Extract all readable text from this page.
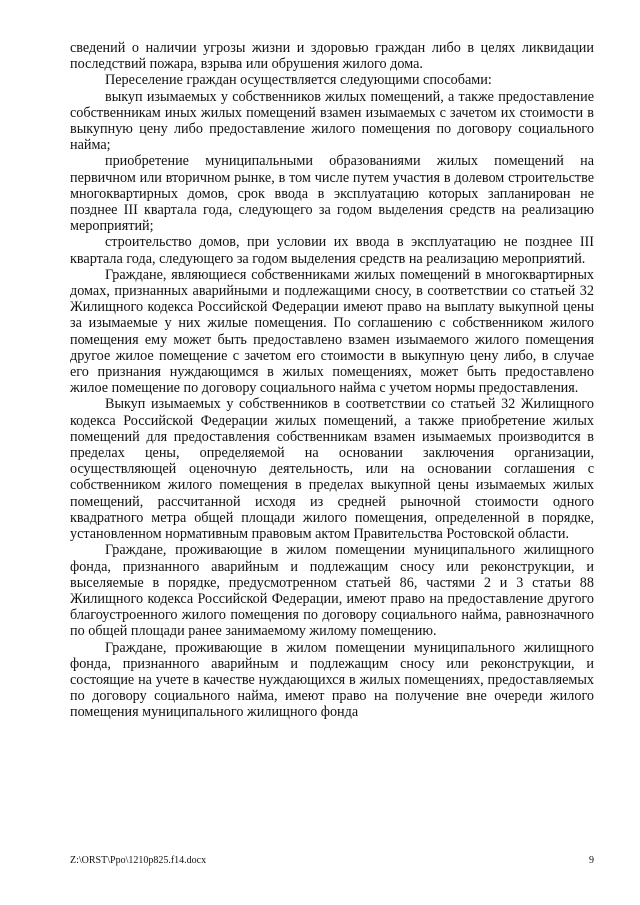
сведений о наличии угрозы жизни и здоровью граждан либо в целях ликвидации последствий пожара, взрыва или обрушения жилого дома.

Переселение граждан осуществляется следующими способами:

выкуп изымаемых у собственников жилых помещений, а также предоставление собственникам иных жилых помещений взамен изымаемых с зачетом их стоимости в выкупную цену либо предоставление жилого помещения по договору социального найма;

приобретение муниципальными образованиями жилых помещений на первичном или вторичном рынке, в том числе путем участия в долевом строительстве многоквартирных домов, срок ввода в эксплуатацию которых запланирован не позднее III квартала года, следующего за годом выделения средств на реализацию мероприятий;

строительство домов, при условии их ввода в эксплуатацию не позднее III квартала года, следующего за годом выделения средств на реализацию мероприятий.

Граждане, являющиеся собственниками жилых помещений в многоквартирных домах, признанных аварийными и подлежащими сносу, в соответствии со статьей 32 Жилищного кодекса Российской Федерации имеют право на выплату выкупной цены за изымаемые у них жилые помещения. По соглашению с собственником жилого помещения ему может быть предоставлено взамен изымаемого жилого помещения другое жилое помещение с зачетом его стоимости в выкупную цену либо, в случае его признания нуждающимся в жилых помещениях, может быть предоставлено жилое помещение по договору социального найма с учетом нормы предоставления.

Выкуп изымаемых у собственников в соответствии со статьей 32 Жилищного кодекса Российской Федерации жилых помещений, а также приобретение жилых помещений для предоставления собственникам взамен изымаемых производится в пределах цены, определяемой на основании заключения организации, осуществляющей оценочную деятельность, или на основании соглашения с собственником жилого помещения в пределах выкупной цены изымаемых жилых помещений, рассчитанной исходя из средней рыночной стоимости одного квадратного метра общей площади жилого помещения, определенной в порядке, установленном нормативным правовым актом Правительства Ростовской области.

Граждане, проживающие в жилом помещении муниципального жилищного фонда, признанного аварийным и подлежащим сносу или реконструкции, и выселяемые в порядке, предусмотренном статьей 86, частями 2 и 3 статьи 88 Жилищного кодекса Российской Федерации, имеют право на предоставление другого благоустроенного жилого помещения по договору социального найма, равнозначного по общей площади ранее занимаемому жилому помещению.

Граждане, проживающие в жилом помещении муниципального жилищного фонда, признанного аварийным и подлежащим сносу или реконструкции, и состоящие на учете в качестве нуждающихся в жилых помещениях, предоставляемых по договору социального найма, имеют право на получение вне очереди жилого помещения муниципального жилищного фонда

Z:\ORST\Ppo\1210p825.f14.docx	9
